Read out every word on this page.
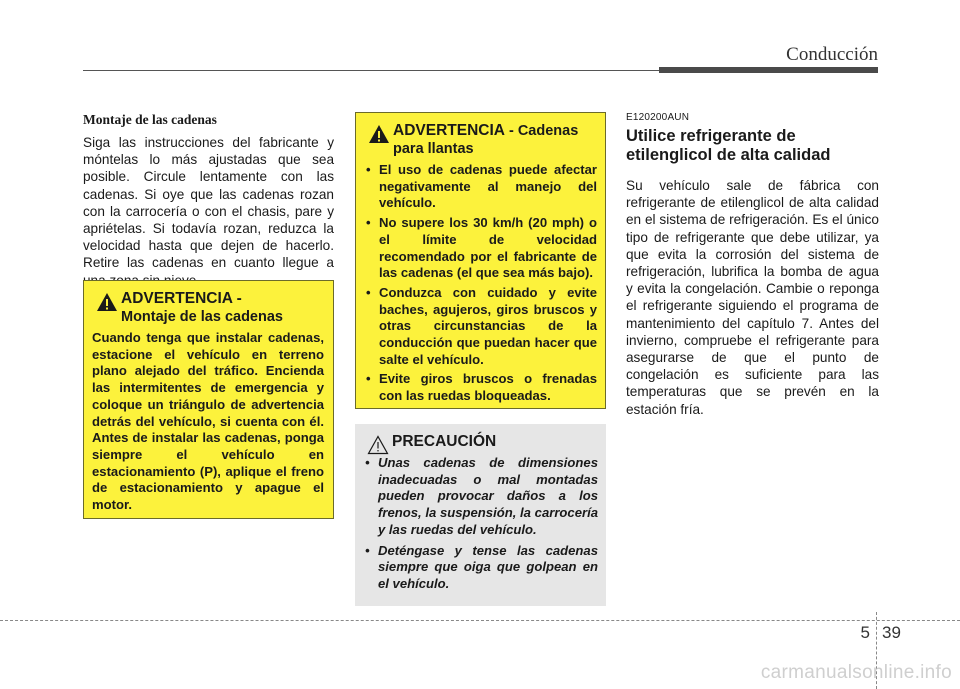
Conducción

Montaje de las cadenas

Siga las instrucciones del fabricante y móntelas lo más ajustadas que sea posible. Circule lentamente con las cadenas. Si oye que las cadenas rozan con la carrocería o con el chasis, pare y apriételas. Si todavía rozan, reduzca la velocidad hasta que dejen de hacerlo. Retire las cadenas en cuanto llegue a

ADVERTENCIA -
Montaje de las cadenas

Cuando tenga que instalar cadenas, estacione el vehículo en terreno plano alejado del tráfico. Encienda las intermitentes de emergencia y coloque un triángulo de advertencia detrás del vehículo, si cuenta con él. Antes de instalar las cadenas, ponga siempre el vehículo en estacionamiento (P), aplique el freno de estacionamiento y apague el motor.

ADVERTENCIA - Cadenas
para llantas
• El uso de cadenas puede afectar negativamente al manejo del vehículo.
• No supere los 30 km/h (20 mph) o el límite de velocidad recomendado por el fabricante de las cadenas (el que sea más bajo).
• Conduzca con cuidado y evite baches, agujeros, giros bruscos y otras circunstancias de la conducción que puedan hacer que salte el vehículo.
• Evite giros bruscos o frenadas con las ruedas bloqueadas.
PRECAUCIÓN
• Unas cadenas de dimensiones inadecuadas o mal montadas pueden provocar daños a los frenos, la suspensión, la carrocería y las ruedas del vehículo.
• Deténgase y tense las cadenas siempre que oiga que golpean en el vehículo.

E120200AUN

Utilice refrigerante de etilenglicol de alta calidad

Su vehículo sale de fábrica con refrigerante de etilenglicol de alta calidad en el sistema de refrigeración. Es el único tipo de refrigerante que debe utilizar, ya que evita la corrosión del sistema de refrigeración, lubrifica la bomba de agua y evita la congelación. Cambie o reponga el refrigerante siguiendo el programa de mantenimiento del capítulo 7. Antes del invierno, compruebe el refrigerante para asegurarse de que el punto de congelación es suficiente para las temperaturas que se prevén en la estación fría.

5 39
carmanualsonline.info
